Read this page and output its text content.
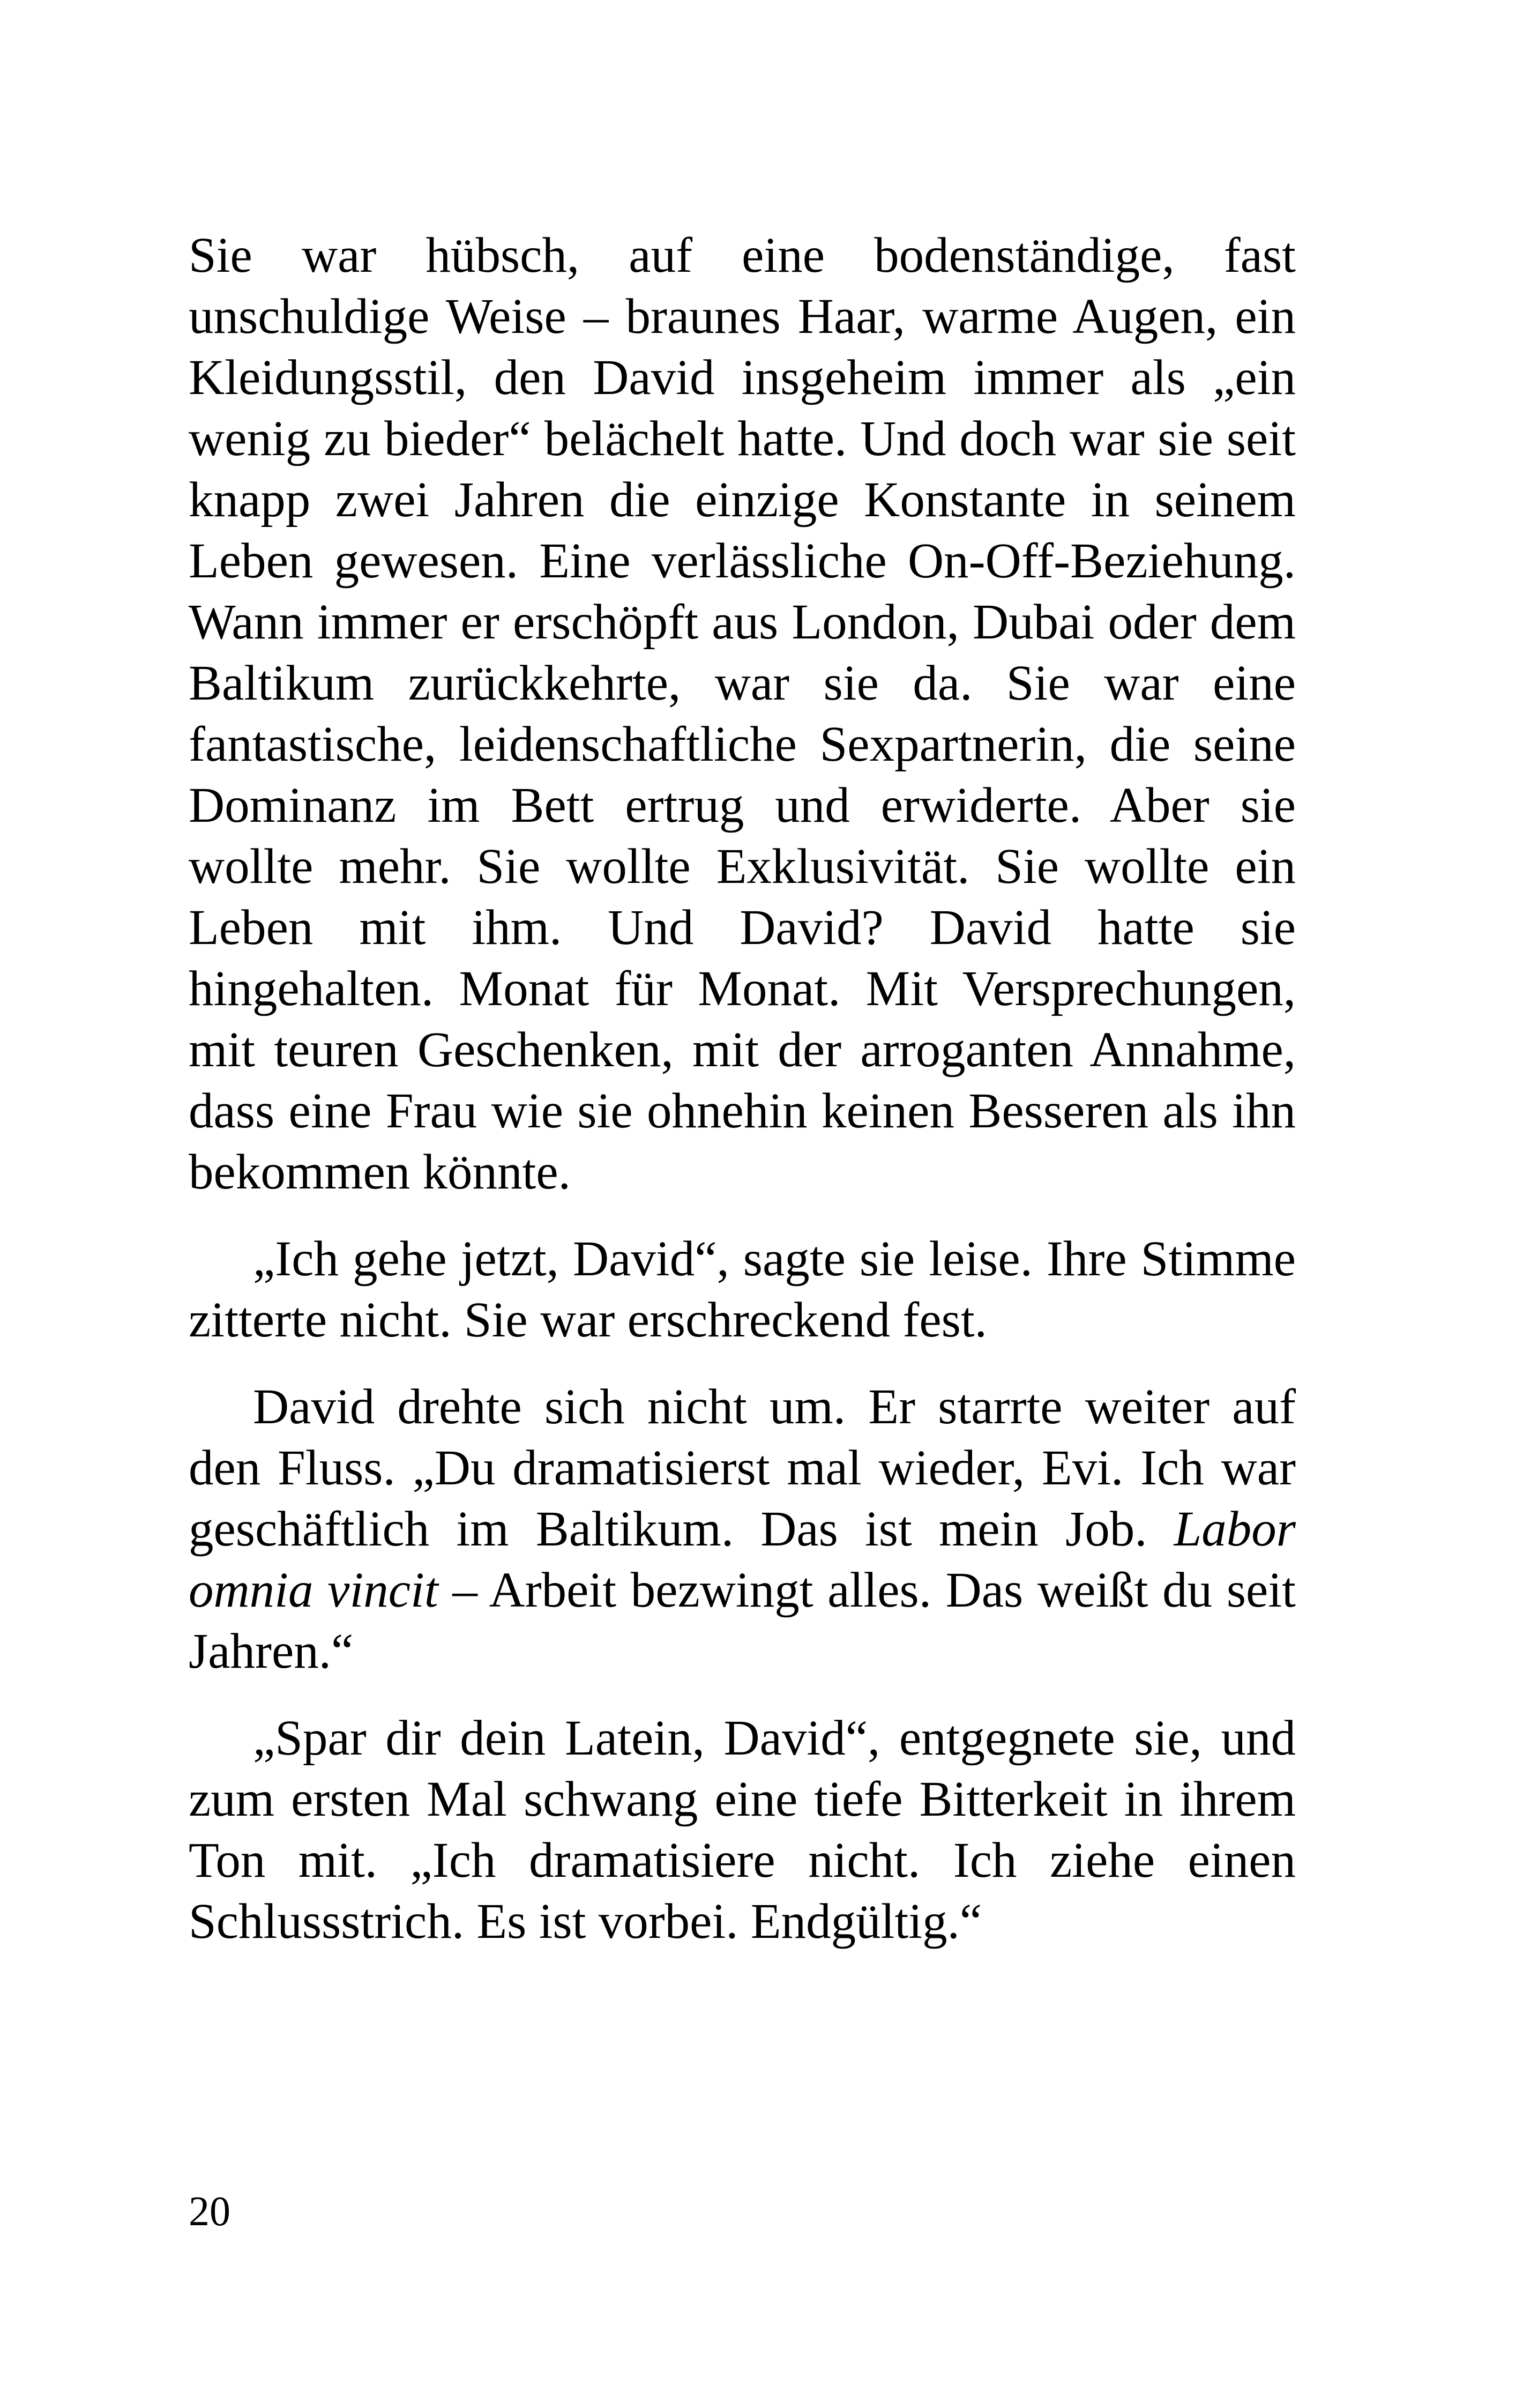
Sie war hübsch, auf eine bodenständige, fast unschuldige Weise – braunes Haar, warme Augen, ein Kleidungsstil, den David insgeheim immer als „ein wenig zu bieder“ belächelt hatte. Und doch war sie seit knapp zwei Jahren die einzige Konstante in seinem Leben gewesen. Eine verlässliche On-Off-Beziehung. Wann immer er erschöpft aus London, Dubai oder dem Baltikum zurückkehrte, war sie da. Sie war eine fantastische, leidenschaftliche Sexpartnerin, die seine Dominanz im Bett ertrug und erwiderte. Aber sie wollte mehr. Sie wollte Exklusivität. Sie wollte ein Leben mit ihm. Und David? David hatte sie hingehalten. Monat für Monat. Mit Versprechungen, mit teuren Geschenken, mit der arroganten Annahme, dass eine Frau wie sie ohnehin keinen Besseren als ihn bekommen könnte.

„Ich gehe jetzt, David“, sagte sie leise. Ihre Stimme zitterte nicht. Sie war erschreckend fest.

David drehte sich nicht um. Er starrte weiter auf den Fluss. „Du dramatisierst mal wieder, Evi. Ich war geschäftlich im Baltikum. Das ist mein Job. Labor omnia vincit – Arbeit bezwingt alles. Das weißt du seit Jahren.“

„Spar dir dein Latein, David“, entgegnete sie, und zum ersten Mal schwang eine tiefe Bitterkeit in ihrem Ton mit. „Ich dramatisiere nicht. Ich ziehe einen Schlussstrich. Es ist vorbei. Endgültig.“

20
